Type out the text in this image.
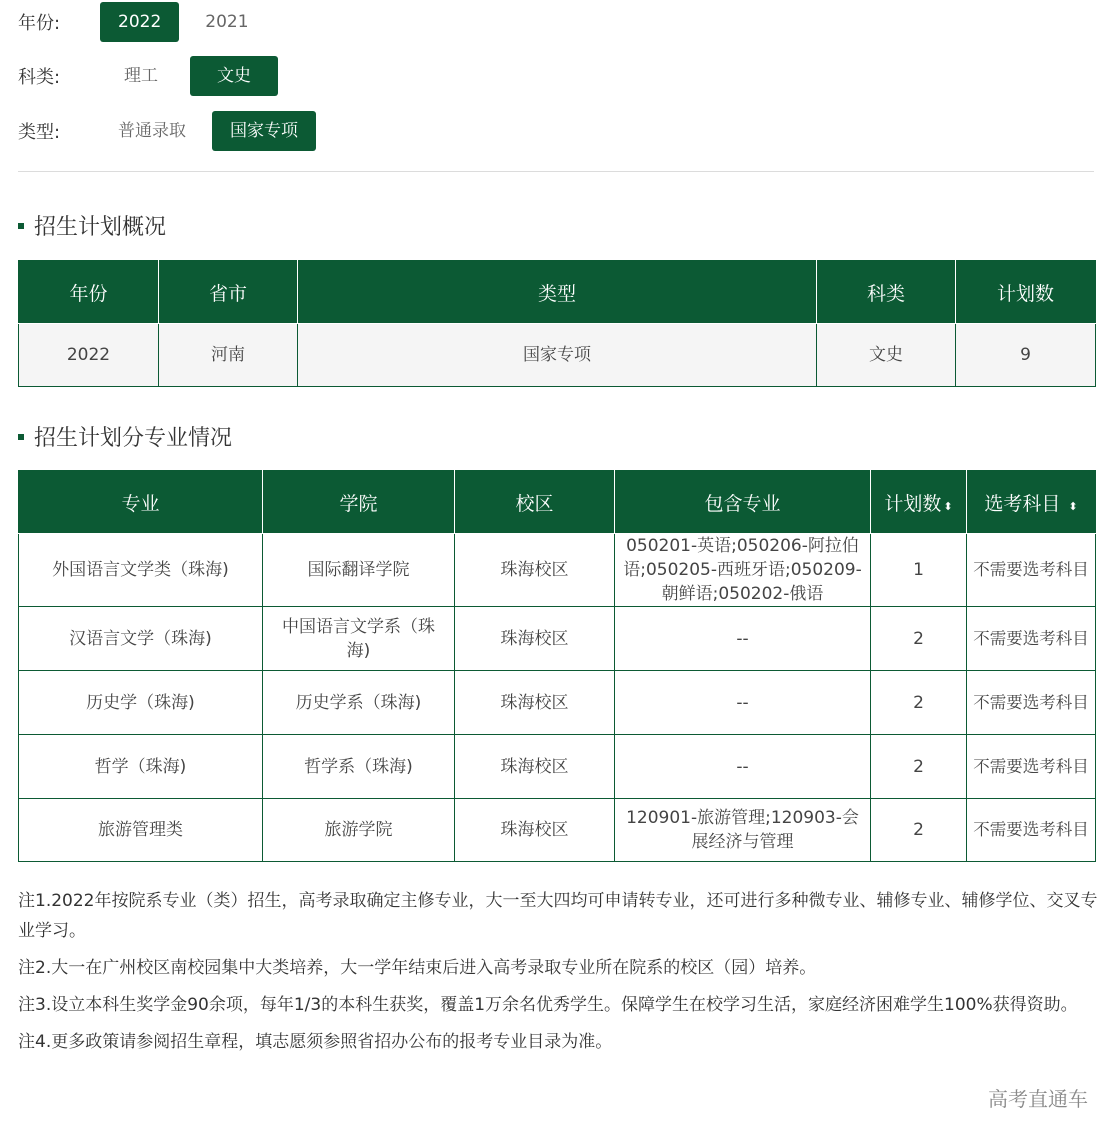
年份:	2022	2021
科类:	理工	文史
类型:	普通录取	国家专项
招生计划概况
年份	省市	类型	科类	计划数
2022	河南	国家专项	文史	9
招生计划分专业情况
专业	学院	校区	包含专业	计划数 ⬍	选考科目 ⬍
外国语言文学类（珠海)	国际翻译学院	珠海校区	050201-英语;050206-阿拉伯语;050205-西班牙语;050209-朝鲜语;050202-俄语	1	不需要选考科目
汉语言文学（珠海)	中国语言文学系（珠海)	珠海校区	--	2	不需要选考科目
历史学（珠海)	历史学系（珠海)	珠海校区	--	2	不需要选考科目
哲学（珠海)	哲学系（珠海)	珠海校区	--	2	不需要选考科目
旅游管理类	旅游学院	珠海校区	120901-旅游管理;120903-会展经济与管理	2	不需要选考科目

注1.2022年按院系专业（类）招生，高考录取确定主修专业，大一至大四均可申请转专业，还可进行多种微专业、辅修专业、辅修学位、交叉专业学习。

注2.大一在广州校区南校园集中大类培养，大一学年结束后进入高考录取专业所在院系的校区（园）培养。

注3.设立本科生奖学金90余项，每年1/3的本科生获奖，覆盖1万余名优秀学生。保障学生在校学习生活，家庭经济困难学生100%获得资助。

注4.更多政策请参阅招生章程，填志愿须参照省招办公布的报考专业目录为准。

高考直通车
